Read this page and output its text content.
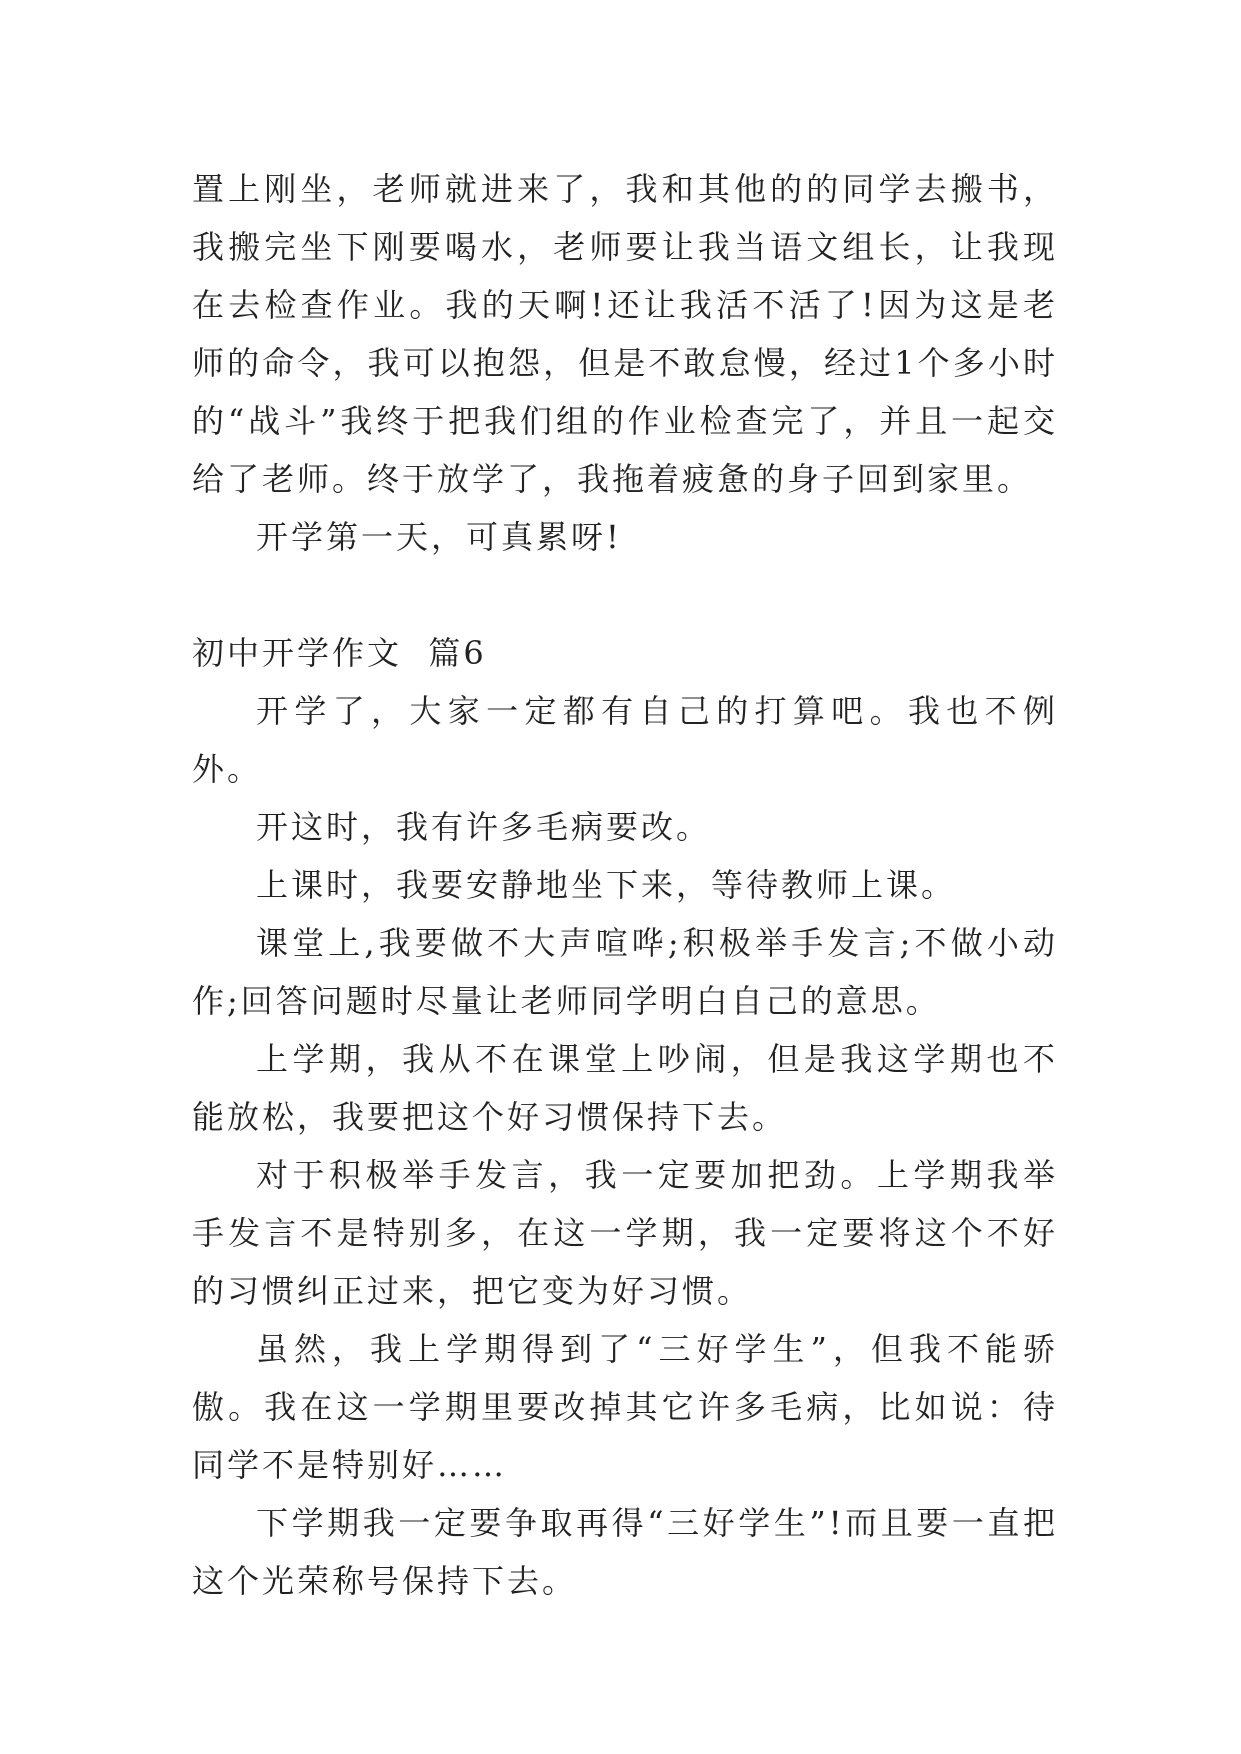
置上刚坐，老师就进来了，我和其他的的同学去搬书，我搬完坐下刚要喝水，老师要让我当语文组长，让我现在去检查作业。我的天啊!还让我活不活了!因为这是老师的命令，我可以抱怨，但是不敢怠慢，经过1个多小时的“战斗”我终于把我们组的作业检查完了，并且一起交给了老师。终于放学了，我拖着疲惫的身子回到家里。

开学第一天，可真累呀!

初中开学作文  篇6

开学了，大家一定都有自己的打算吧。我也不例外。

开这时，我有许多毛病要改。

上课时，我要安静地坐下来，等待教师上课。

课堂上,我要做不大声喧哗;积极举手发言;不做小动作;回答问题时尽量让老师同学明白自己的意思。

上学期，我从不在课堂上吵闹，但是我这学期也不能放松，我要把这个好习惯保持下去。

对于积极举手发言，我一定要加把劲。上学期我举手发言不是特别多，在这一学期，我一定要将这个不好的习惯纠正过来，把它变为好习惯。

虽然，我上学期得到了“三好学生”，但我不能骄傲。我在这一学期里要改掉其它许多毛病，比如说：待同学不是特别好……

下学期我一定要争取再得“三好学生”!而且要一直把这个光荣称号保持下去。
